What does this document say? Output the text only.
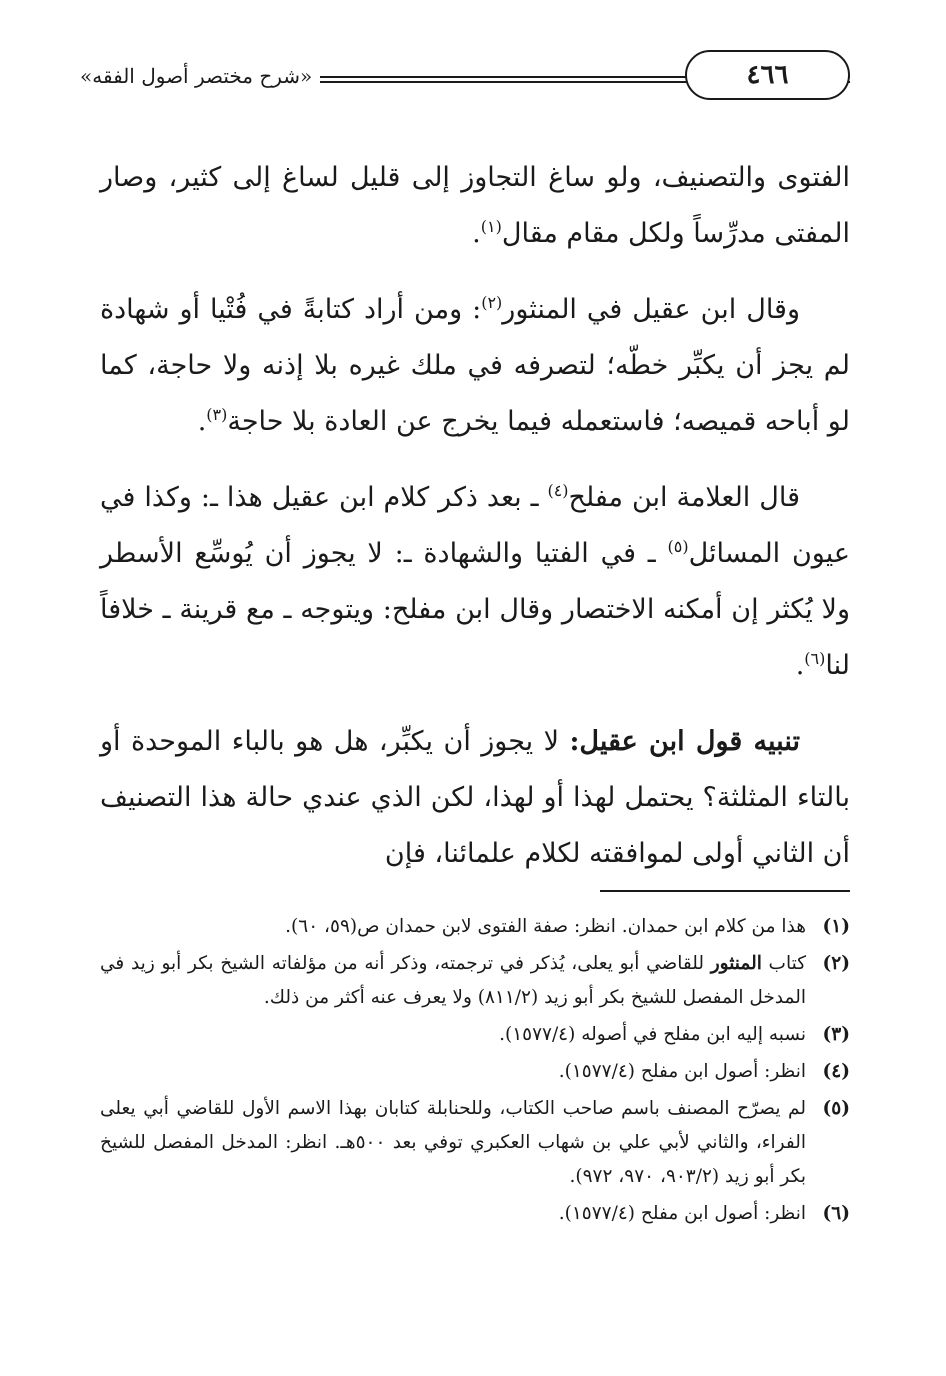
«شرح مختصر أصول الفقه»	٤٦٦

الفتوى والتصنيف، ولو ساغ التجاوز إلى قليل لساغ إلى كثير، وصار المفتى مدرِّساً ولكل مقام مقال$^{(١)}$.

وقال ابن عقيل في المنثور$^{(٢)}$: ومن أراد كتابةً في فُتْيا أو شهادة لم يجز أن يكبِّر خطّه؛ لتصرفه في ملك غيره بلا إذنه ولا حاجة، كما لو أباحه قميصه؛ فاستعمله فيما يخرج عن العادة بلا حاجة$^{(٣)}$.

قال العلامة ابن مفلح$^{(٤)}$ ـ بعد ذكر كلام ابن عقيل هذا ـ: وكذا في عيون المسائل$^{(٥)}$ ـ في الفتيا والشهادة ـ: لا يجوز أن يُوسِّع الأسطر ولا يُكثر إن أمكنه الاختصار وقال ابن مفلح: ويتوجه ـ مع قرينة ـ خلافاً لنا$^{(٦)}$.

تنبيه قول ابن عقيل: لا يجوز أن يكبِّر، هل هو بالباء الموحدة أو بالتاء المثلثة؟ يحتمل لهذا أو لهذا، لكن الذي عندي حالة هذا التصنيف أن الثاني أولى لموافقته لكلام علمائنا، فإن

(١)
هذا من كلام ابن حمدان. انظر: صفة الفتوى لابن حمدان ص(٥٩، ٦٠).
(٢)
كتاب المنثور للقاضي أبو يعلى، يُذكر في ترجمته، وذكر أنه من مؤلفاته الشيخ بكر أبو زيد في المدخل المفصل للشيخ بكر أبو زيد (٨١١/٢) ولا يعرف عنه أكثر من ذلك.
(٣)
نسبه إليه ابن مفلح في أصوله (١٥٧٧/٤).
(٤)
انظر: أصول ابن مفلح (١٥٧٧/٤).
(٥)
لم يصرّح المصنف باسم صاحب الكتاب، وللحنابلة كتابان بهذا الاسم الأول للقاضي أبي يعلى الفراء، والثاني لأبي علي بن شهاب العكبري توفي بعد ٥٠٠هـ. انظر: المدخل المفصل للشيخ بكر أبو زيد (٩٠٣/٢، ٩٧٠، ٩٧٢).
(٦)
انظر: أصول ابن مفلح (١٥٧٧/٤).
